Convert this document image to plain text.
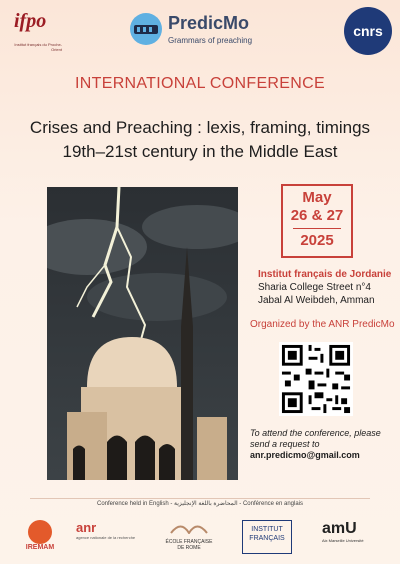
ifpo
Institut français du Proche-Orient
PredicMo
Grammars of preaching
cnrs
INTERNATIONAL CONFERENCE
Crises and Preaching : lexis, framing, timings
19th–21st century in the Middle East
May
26 & 27
2025
Institut français de Jordanie
Sharia College Street n°4
Jabal Al Weibdeh, Amman
Organized by the ANR PredicMo
To attend the conference, please send a request to anr.predicmo@gmail.com
Conference held in English - المحاضرة باللغة الإنجليزية - Conférence en anglais
IREMAM
anr
agence nationale de la recherche
ÉCOLE FRANÇAISE
DE ROME
INSTITUT FRANÇAIS
amU
Aix Marseille Université
